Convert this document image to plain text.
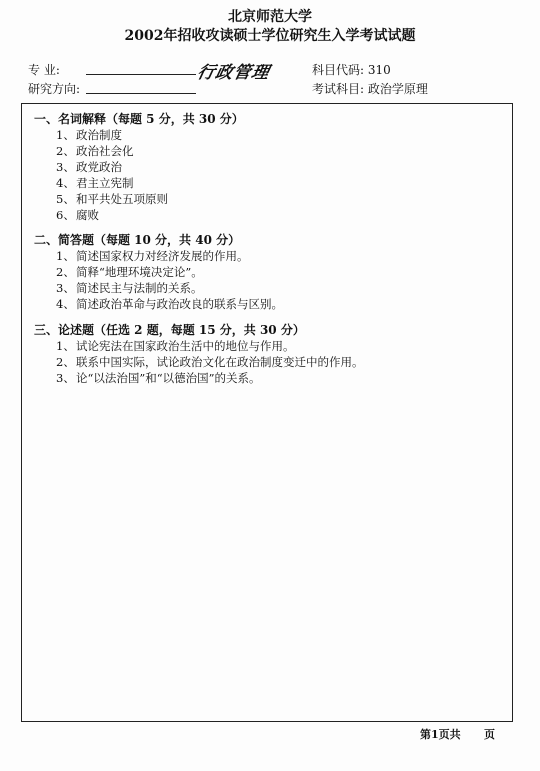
北京师范大学
2002年招收攻读硕士学位研究生入学考试试题
专 业:	行政管理
研究方向:
科目代码: 310
考试科目: 政治学原理
一、名词解释（每题 5 分，共 30 分）
1、政治制度
2、政治社会化
3、政党政治
4、君主立宪制
5、和平共处五项原则
6、腐败
二、简答题（每题 10 分，共 40 分）
1、简述国家权力对经济发展的作用。
2、简释“地理环境决定论”。
3、简述民主与法制的关系。
4、简述政治革命与政治改良的联系与区别。
三、论述题（任选 2 题，每题 15 分，共 30 分）
1、试论宪法在国家政治生活中的地位与作用。
2、联系中国实际，试论政治文化在政治制度变迁中的作用。
3、论“以法治国”和“以德治国”的关系。
第1页共 页
